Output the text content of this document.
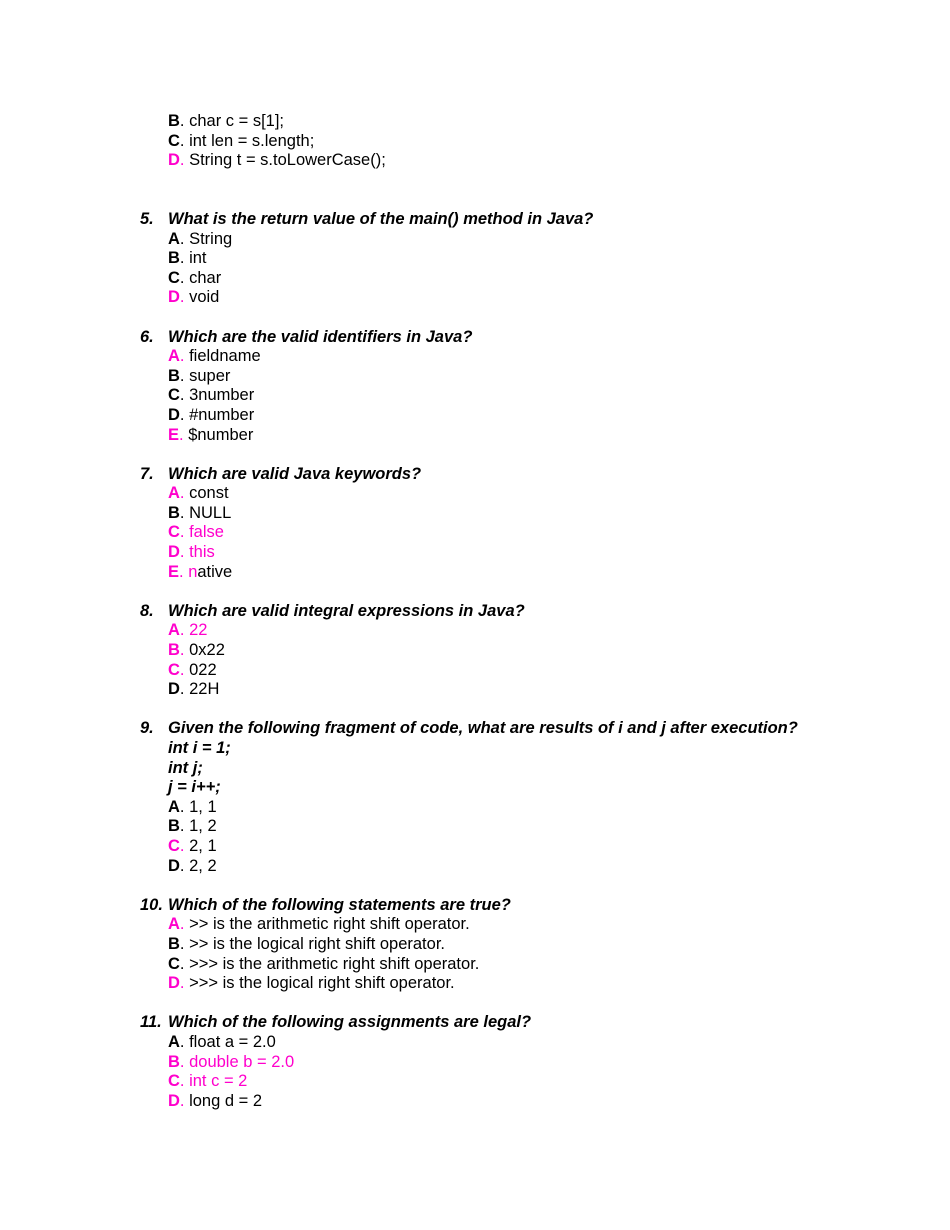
B. char c = s[1];
C. int len = s.length;
D. String t = s.toLowerCase();
5. What is the return value of the main() method in Java?
A. String
B. int
C. char
D. void
6. Which are the valid identifiers in Java?
A. fieldname
B. super
C. 3number
D. #number
E. $number
7. Which are valid Java keywords?
A. const
B. NULL
C. false
D. this
E. native
8. Which are valid integral expressions in Java?
A. 22
B. 0x22
C. 022
D. 22H
9. Given the following fragment of code, what are results of i and j after execution?
int i = 1;
int j;
j = i++;
A. 1, 1
B. 1, 2
C. 2, 1
D. 2, 2
10. Which of the following statements are true?
A. >> is the arithmetic right shift operator.
B. >> is the logical right shift operator.
C. >>> is the arithmetic right shift operator.
D. >>> is the logical right shift operator.
11. Which of the following assignments are legal?
A. float a = 2.0
B. double b = 2.0
C. int c = 2
D. long d = 2
